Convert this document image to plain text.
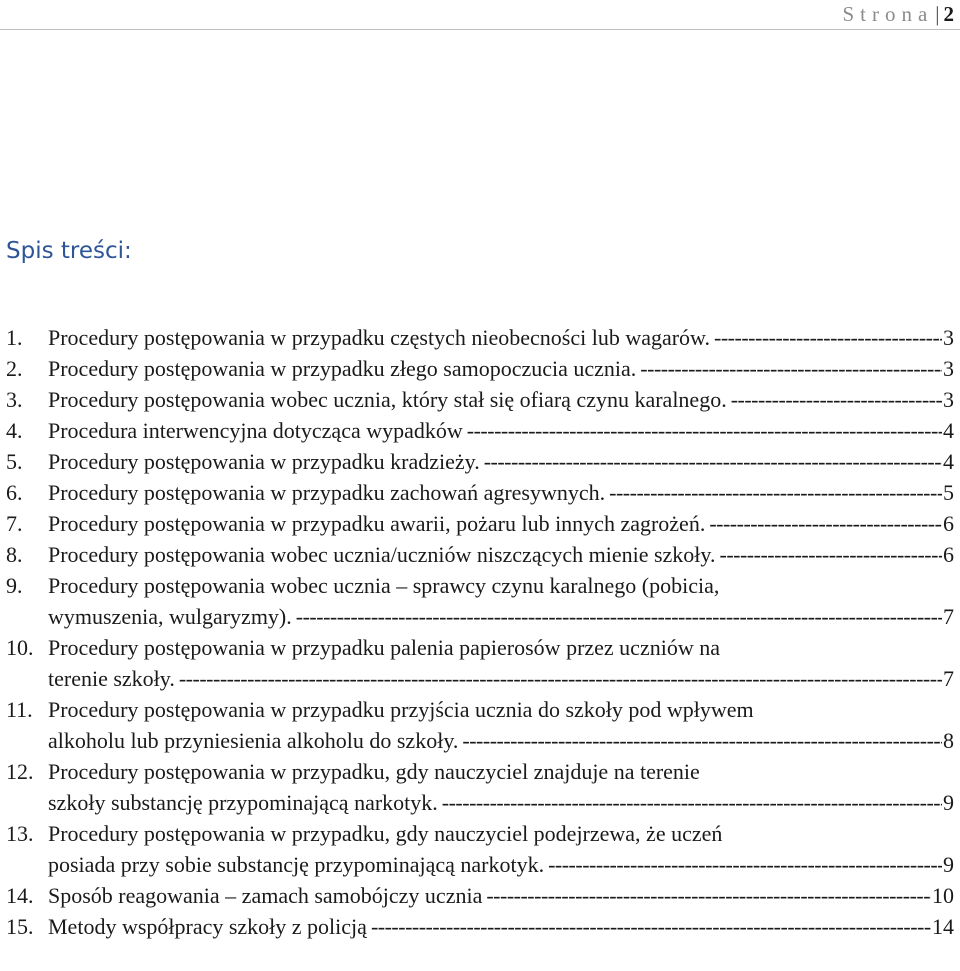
Strona | 2
Spis treści:
1. Procedury postępowania w przypadku częstych nieobecności lub wagarów. -----	3
2. Procedury postępowania w przypadku złego samopoczucia ucznia. -----	3
3. Procedury postępowania wobec ucznia, który stał się ofiarą czynu karalnego. -----	3
4. Procedura interwencyjna dotycząca wypadków -----	4
5. Procedury postępowania w przypadku kradzieży. -----	4
6. Procedury postępowania w przypadku zachowań agresywnych. -----	5
7. Procedury postępowania w przypadku awarii, pożaru lub innych zagrożeń. -----	6
8. Procedury postępowania wobec ucznia/uczniów niszczących mienie szkoły. -----	6
9. Procedury postępowania wobec ucznia – sprawcy czynu karalnego (pobicia,
wymuszenia, wulgaryzmy). -----	7
10. Procedury postępowania w przypadku palenia papierosów przez uczniów na
terenie szkoły. -----	7
11. Procedury postępowania w przypadku przyjścia ucznia do szkoły pod wpływem
alkoholu lub przyniesienia alkoholu do szkoły. -----	8
12. Procedury postępowania w przypadku, gdy nauczyciel znajduje na terenie
szkoły substancję przypominającą narkotyk. -----	9
13. Procedury postępowania w przypadku, gdy nauczyciel podejrzewa, że uczeń
posiada przy sobie substancję przypominającą narkotyk. -----	9
14. Sposób reagowania – zamach samobójczy ucznia -----	10
15. Metody współpracy szkoły z policją -----	14
